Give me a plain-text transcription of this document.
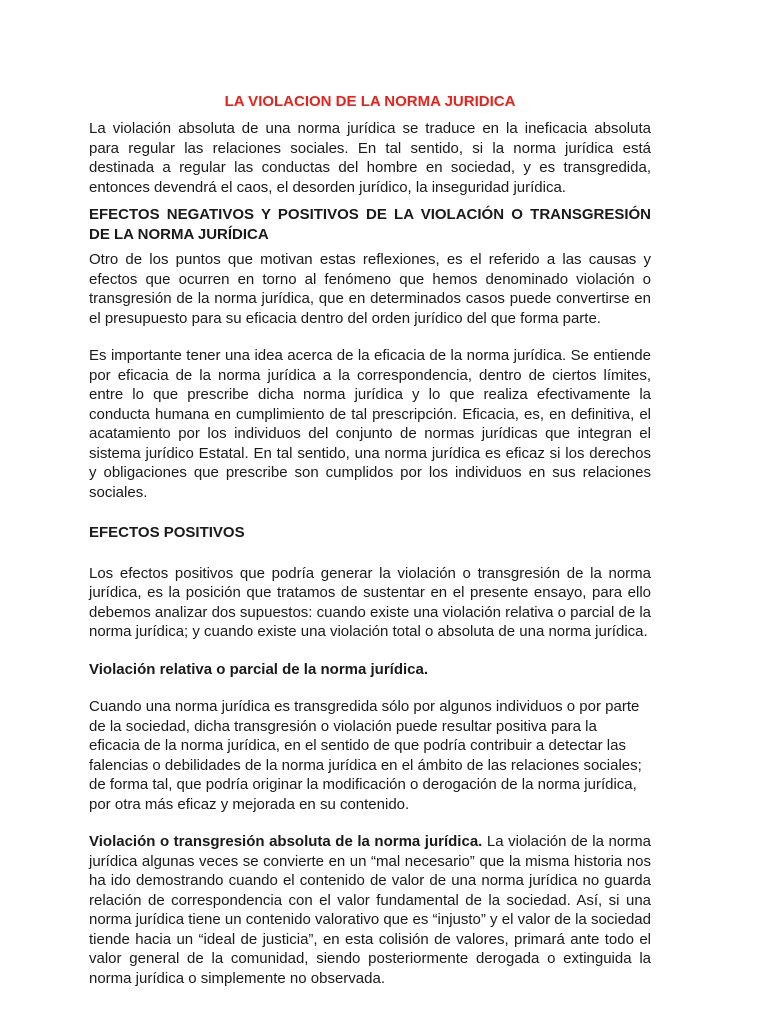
LA VIOLACION DE LA NORMA JURIDICA

La violación absoluta de una norma jurídica se traduce en la ineficacia absoluta para regular las relaciones sociales. En tal sentido, si la norma jurídica está destinada a regular las conductas del hombre en sociedad, y es transgredida, entonces devendrá el caos, el desorden jurídico, la inseguridad jurídica.

EFECTOS NEGATIVOS Y POSITIVOS DE LA VIOLACIÓN O TRANSGRESIÓN DE LA NORMA JURÍDICA

Otro de los puntos que motivan estas reflexiones, es el referido a las causas y efectos que ocurren en torno al fenómeno que hemos denominado violación o transgresión de la norma jurídica, que en determinados casos puede convertirse en el presupuesto para su eficacia dentro del orden jurídico del que forma parte.

Es importante tener una idea acerca de la eficacia de la norma jurídica. Se entiende por eficacia de la norma jurídica a la correspondencia, dentro de ciertos límites, entre lo que prescribe dicha norma jurídica y lo que realiza efectivamente la conducta humana en cumplimiento de tal prescripción. Eficacia, es, en definitiva, el acatamiento por los individuos del conjunto de normas jurídicas que integran el sistema jurídico Estatal. En tal sentido, una norma jurídica es eficaz si los derechos y obligaciones que prescribe son cumplidos por los individuos en sus relaciones sociales.

EFECTOS POSITIVOS

Los efectos positivos que podría generar la violación o transgresión de la norma jurídica, es la posición que tratamos de sustentar en el presente ensayo, para ello debemos analizar dos supuestos: cuando existe una violación relativa o parcial de la norma jurídica; y cuando existe una violación total o absoluta de una norma jurídica.

Violación relativa o parcial de la norma jurídica.

Cuando una norma jurídica es transgredida sólo por algunos individuos o por parte de la sociedad, dicha transgresión o violación puede resultar positiva para la eficacia de la norma jurídica, en el sentido de que podría contribuir a detectar las falencias o debilidades de la norma jurídica en el ámbito de las relaciones sociales; de forma tal, que podría originar la modificación o derogación de la norma jurídica, por otra más eficaz y mejorada en su contenido.

Violación o transgresión absoluta de la norma jurídica. La violación de la norma jurídica algunas veces se convierte en un “mal necesario” que la misma historia nos ha ido demostrando cuando el contenido de valor de una norma jurídica no guarda relación de correspondencia con el valor fundamental de la sociedad. Así, si una norma jurídica tiene un contenido valorativo que es “injusto” y el valor de la sociedad tiende hacia un “ideal de justicia”, en esta colisión de valores, primará ante todo el valor general de la comunidad, siendo posteriormente derogada o extinguida la norma jurídica o simplemente no observada.
